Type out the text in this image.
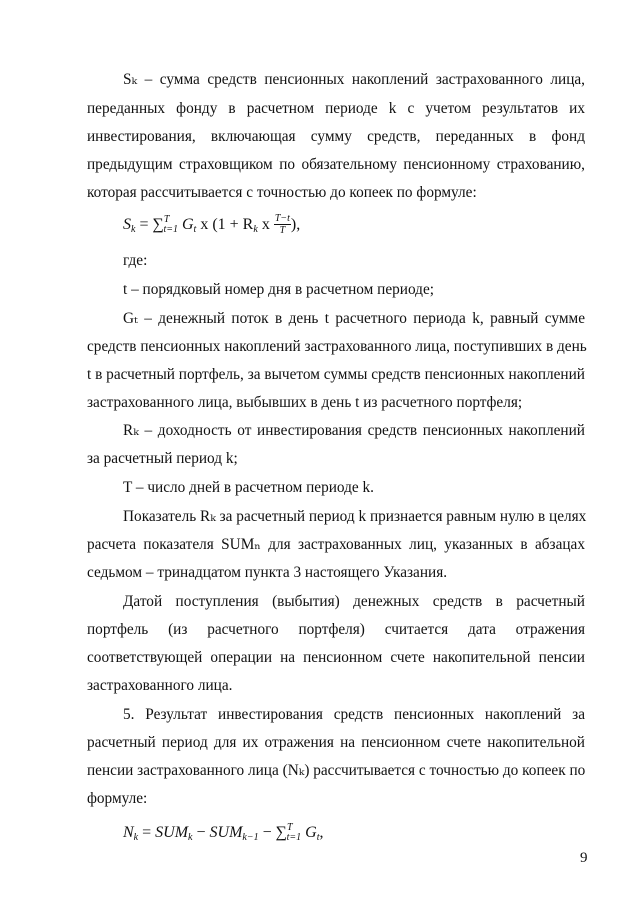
Sₖ – сумма средств пенсионных накоплений застрахованного лица,
переданных фонду в расчетном периоде k с учетом результатов их
инвестирования, включающая сумму средств, переданных в фонд
предыдущим страховщиком по обязательному пенсионному страхованию,
которая рассчитывается с точностью до копеек по формуле:
Sk = ∑$^T$t=1 Gt x (1 + Rk x $\frac{T-t}{T}$ ),
где:
t – порядковый номер дня в расчетном периоде;
Gₜ – денежный поток в день t расчетного периода k, равный сумме
средств пенсионных накоплений застрахованного лица, поступивших в день
t в расчетный портфель, за вычетом суммы средств пенсионных накоплений
застрахованного лица, выбывших в день t из расчетного портфеля;
Rₖ – доходность от инвестирования средств пенсионных накоплений
за расчетный период k;
T – число дней в расчетном периоде k.
Показатель Rₖ за расчетный период k признается равным нулю в целях
расчета показателя SUMₙ для застрахованных лиц, указанных в абзацах
седьмом – тринадцатом пункта 3 настоящего Указания.
Датой поступления (выбытия) денежных средств в расчетный
портфель (из расчетного портфеля) считается дата отражения
соответствующей операции на пенсионном счете накопительной пенсии
застрахованного лица.
5. Результат инвестирования средств пенсионных накоплений за
расчетный период для их отражения на пенсионном счете накопительной
пенсии застрахованного лица (Nₖ) рассчитывается с точностью до копеек по
формуле:
Nk = SUMk − SUMk−1 − ∑$^T$t=1 Gt,
9
